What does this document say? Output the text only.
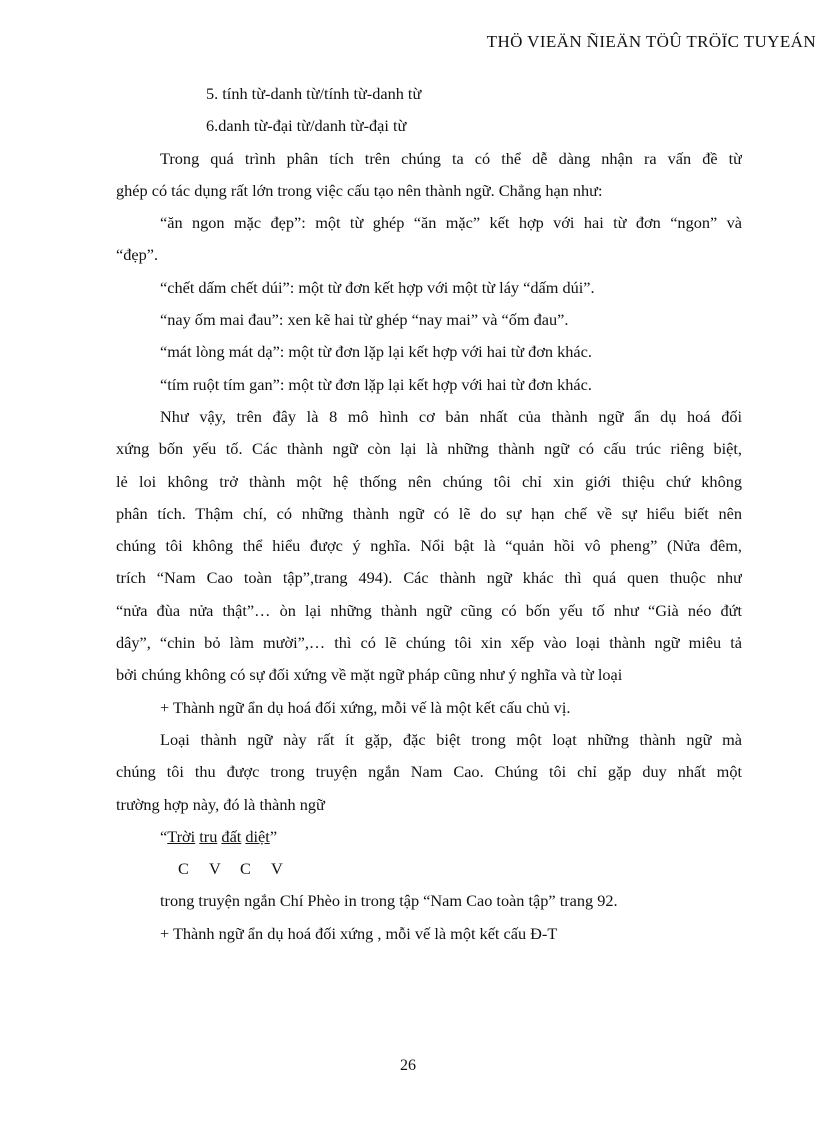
THÖ VIEÄN ÑIEÄN TÖÛ TRÖÏC TUYEÁN
5. tính từ-danh từ/tính từ-danh từ
6.danh từ-đại từ/danh từ-đại từ
Trong quá trình phân tích trên chúng ta có thể dễ dàng nhận ra vấn đề từ
ghép có tác dụng rất lớn trong việc cấu tạo nên thành ngữ. Chẳng hạn như:
“ăn ngon mặc đẹp”: một từ ghép “ăn mặc” kết hợp với hai từ đơn “ngon” và
“đẹp”.
“chết dấm chết dúi”: một từ đơn kết hợp với một từ láy “dấm dúi”.
“nay ốm mai đau”: xen kẽ hai từ ghép “nay mai” và “ốm đau”.
“mát lòng mát dạ”: một từ đơn lặp lại kết hợp với hai từ đơn khác.
“tím ruột tím gan”: một từ đơn lặp lại kết hợp với hai từ đơn khác.
Như vậy, trên đây là 8 mô hình cơ bản nhất của thành ngữ ẩn dụ hoá đối
xứng bốn yếu tố. Các thành ngữ còn lại là những thành ngữ có cấu trúc riêng biệt,
lẻ loi không trở thành một hệ thống nên chúng tôi chỉ xin giới thiệu chứ không
phân tích. Thậm chí, có những thành ngữ có lẽ do sự hạn chế về sự hiểu biết nên
chúng tôi không thể hiểu được ý nghĩa. Nổi bật là “quản hồi vô pheng” (Nửa đêm,
trích “Nam Cao toàn tập”,trang 494). Các thành ngữ khác thì quá quen thuộc như
“nửa đùa nửa thật”… òn lại những thành ngữ cũng có bốn yếu tố như “Già néo đứt
dây”, “chin bỏ làm mười”,… thì có lẽ chúng tôi xin xếp vào loại thành ngữ miêu tả
bởi chúng không có sự đối xứng về mặt ngữ pháp cũng như ý nghĩa và từ loại
+ Thành ngữ ẩn dụ hoá đối xứng, mỗi vế là một kết cấu chủ vị.
Loại thành ngữ này rất ít gặp, đặc biệt trong một loạt những thành ngữ mà
chúng tôi thu được trong truyện ngắn Nam Cao. Chúng tôi chỉ gặp duy nhất một
trường hợp này, đó là thành ngữ
“Trời tru đất diệt”
C V C V
trong truyện ngắn Chí Phèo in trong tập “Nam Cao toàn tập” trang 92.
+ Thành ngữ ẩn dụ hoá đối xứng , mỗi vế là một kết cấu Đ-T
26
